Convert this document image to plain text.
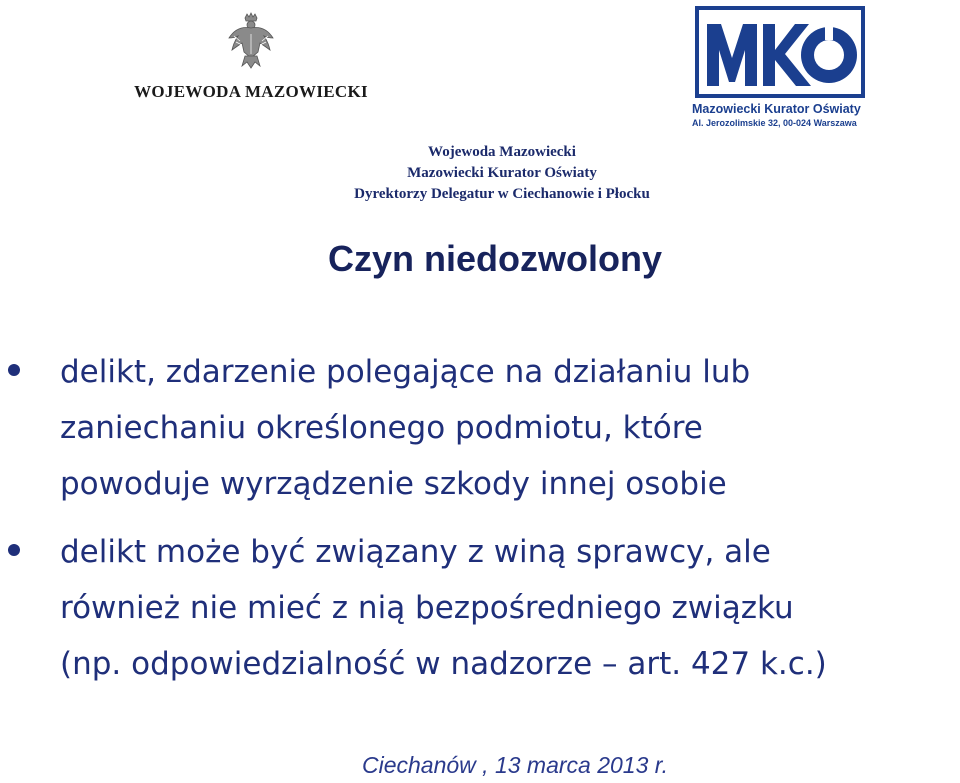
WOJEWODA MAZOWIECKI
Mazowiecki Kurator Oświaty
Al. Jerozolimskie 32, 00-024 Warszawa
Wojewoda Mazowiecki
Mazowiecki Kurator Oświaty
Dyrektorzy Delegatur w Ciechanowie i Płocku
Czyn niedozwolony
delikt, zdarzenie polegające na działaniu lub
zaniechaniu określonego podmiotu, które
powoduje wyrządzenie szkody innej osobie
delikt może być związany z winą sprawcy, ale
również nie mieć z nią bezpośredniego związku
(np. odpowiedzialność w nadzorze – art. 427 k.c.)
Ciechanów , 13 marca 2013 r.
